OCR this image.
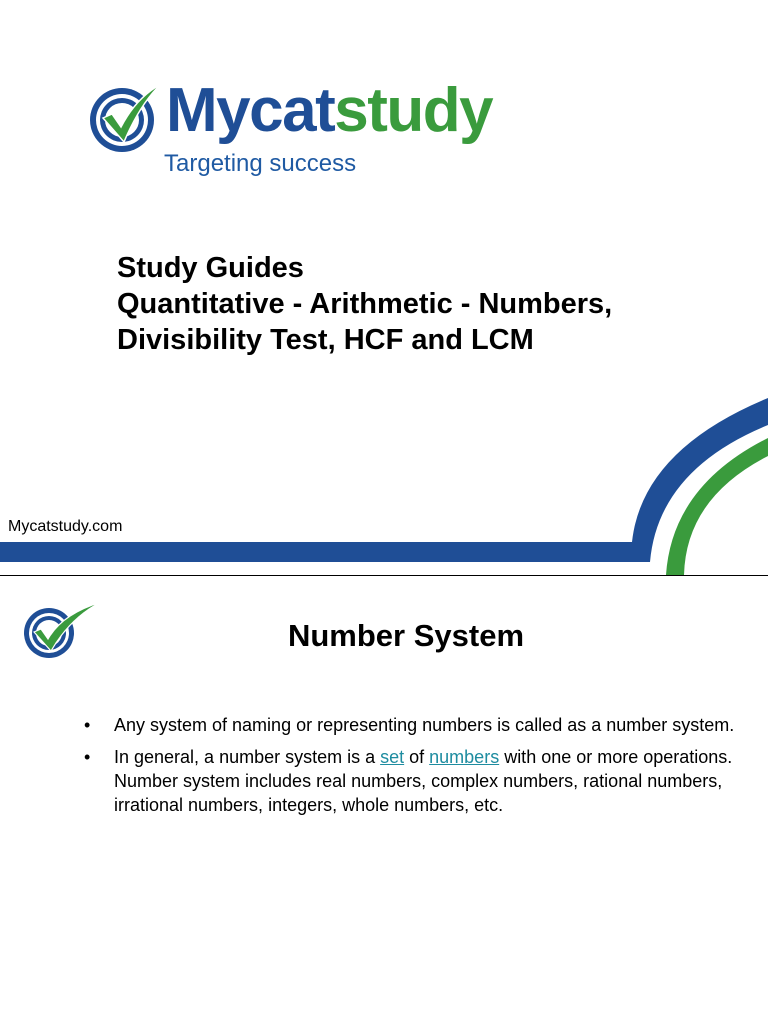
Mycatstudy
Targeting success
Study Guides
Quantitative - Arithmetic - Numbers,
Divisibility Test, HCF and LCM
Mycatstudy.com
Number System
• Any system of naming or representing numbers is called as a number system.
• In general, a number system is a set of numbers with one or more operations. Number system includes real numbers, complex numbers, rational numbers, irrational numbers, integers, whole numbers, etc.
